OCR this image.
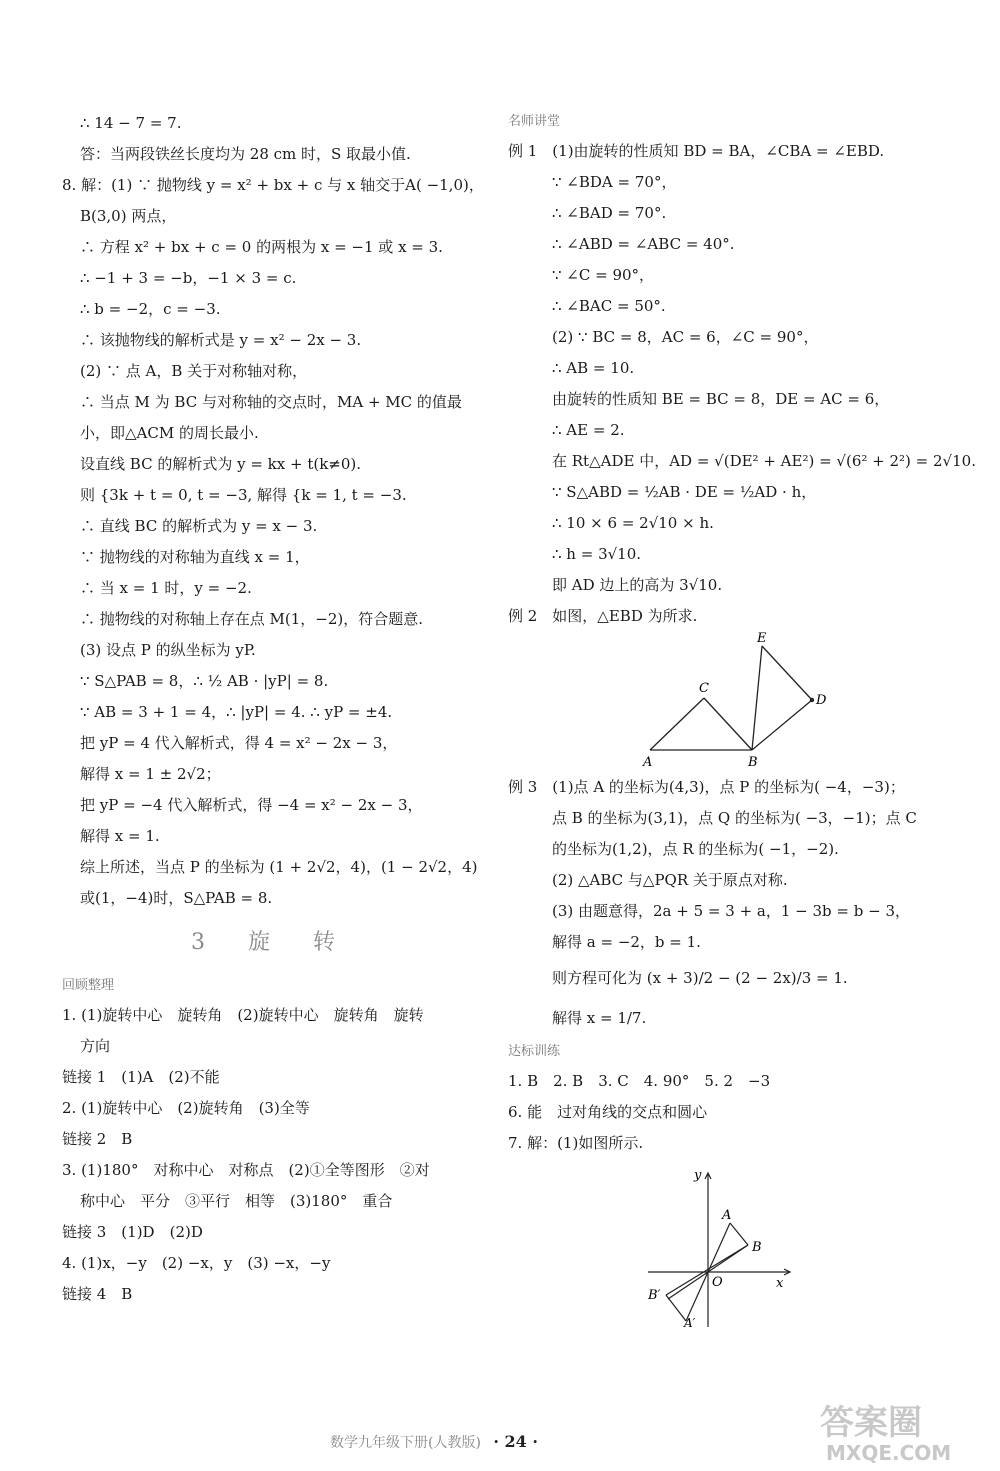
∴ 14 − 7 = 7.
答：当两段铁丝长度均为 28 cm 时，S 取最小值.
8. 解：(1) ∵ 抛物线 y = x² + bx + c 与 x 轴交于A( −1,0)，
B(3,0) 两点，
∴ 方程 x² + bx + c = 0 的两根为 x = −1 或 x = 3.
∴ −1 + 3 = −b，−1 × 3 = c.
∴ b = −2，c = −3.
∴ 该抛物线的解析式是 y = x² − 2x − 3.
(2) ∵ 点 A，B 关于对称轴对称，
∴ 当点 M 为 BC 与对称轴的交点时，MA + MC 的值最
小，即△ACM 的周长最小.
设直线 BC 的解析式为 y = kx + t(k≠0).
则 {3k + t = 0, t = −3, 解得 {k = 1, t = −3.
∴ 直线 BC 的解析式为 y = x − 3.
∵ 抛物线的对称轴为直线 x = 1，
∴ 当 x = 1 时，y = −2.
∴ 抛物线的对称轴上存在点 M(1，−2)，符合题意.
(3) 设点 P 的纵坐标为 yP.
∵ S△PAB = 8，∴ ½ AB · |yP| = 8.
∵ AB = 3 + 1 = 4，∴ |yP| = 4. ∴ yP = ±4.
把 yP = 4 代入解析式，得 4 = x² − 2x − 3，
解得 x = 1 ± 2√2；
把 yP = −4 代入解析式，得 −4 = x² − 2x − 3，
解得 x = 1.
综上所述，当点 P 的坐标为 (1 + 2√2，4)，(1 − 2√2，4)
或(1，−4)时，S△PAB = 8.
3 旋 转
回顾整理
1. (1)旋转中心　旋转角　(2)旋转中心　旋转角　旋转
方向
链接 1　(1)A　(2)不能
2. (1)旋转中心　(2)旋转角　(3)全等
链接 2　B
3. (1)180°　对称中心　对称点　(2)①全等图形　②对
称中心　平分　③平行　相等　(3)180°　重合
链接 3　(1)D　(2)D
4. (1)x，−y　(2) −x，y　(3) −x，−y
链接 4　B
名师讲堂
例 1　(1)由旋转的性质知 BD = BA，∠CBA = ∠EBD.
∵ ∠BDA = 70°，
∴ ∠BAD = 70°.
∴ ∠ABD = ∠ABC = 40°.
∵ ∠C = 90°，
∴ ∠BAC = 50°.
(2) ∵ BC = 8，AC = 6，∠C = 90°，
∴ AB = 10.
由旋转的性质知 BE = BC = 8，DE = AC = 6，
∴ AE = 2.
在 Rt△ADE 中，AD = √(DE² + AE²) = √(6² + 2²) = 2√10.
∵ S△ABD = ½AB · DE = ½AD · h，
∴ 10 × 6 = 2√10 × h.
∴ h = 3√10.
即 AD 边上的高为 3√10.
例 2　如图，△EBD 为所求.
A	B
C
D
E
例 3　(1)点 A 的坐标为(4,3)，点 P 的坐标为( −4，−3)；
点 B 的坐标为(3,1)，点 Q 的坐标为( −3，−1)；点 C
的坐标为(1,2)，点 R 的坐标为( −1，−2).
(2) △ABC 与△PQR 关于原点对称.
(3) 由题意得，2a + 5 = 3 + a，1 − 3b = b − 3，
解得 a = −2，b = 1.
则方程可化为 (x + 3)/2 − (2 − 2x)/3 = 1.
解得 x = 1/7.
达标训练
1. B　2. B　3. C　4. 90°　5. 2　−3
6. 能　过对角线的交点和圆心
7. 解：(1)如图所示.
y
x
O
A
B
B′
A′
数学九年级下册(人教版) · 24 ·	答案圈
MXQE.COM
